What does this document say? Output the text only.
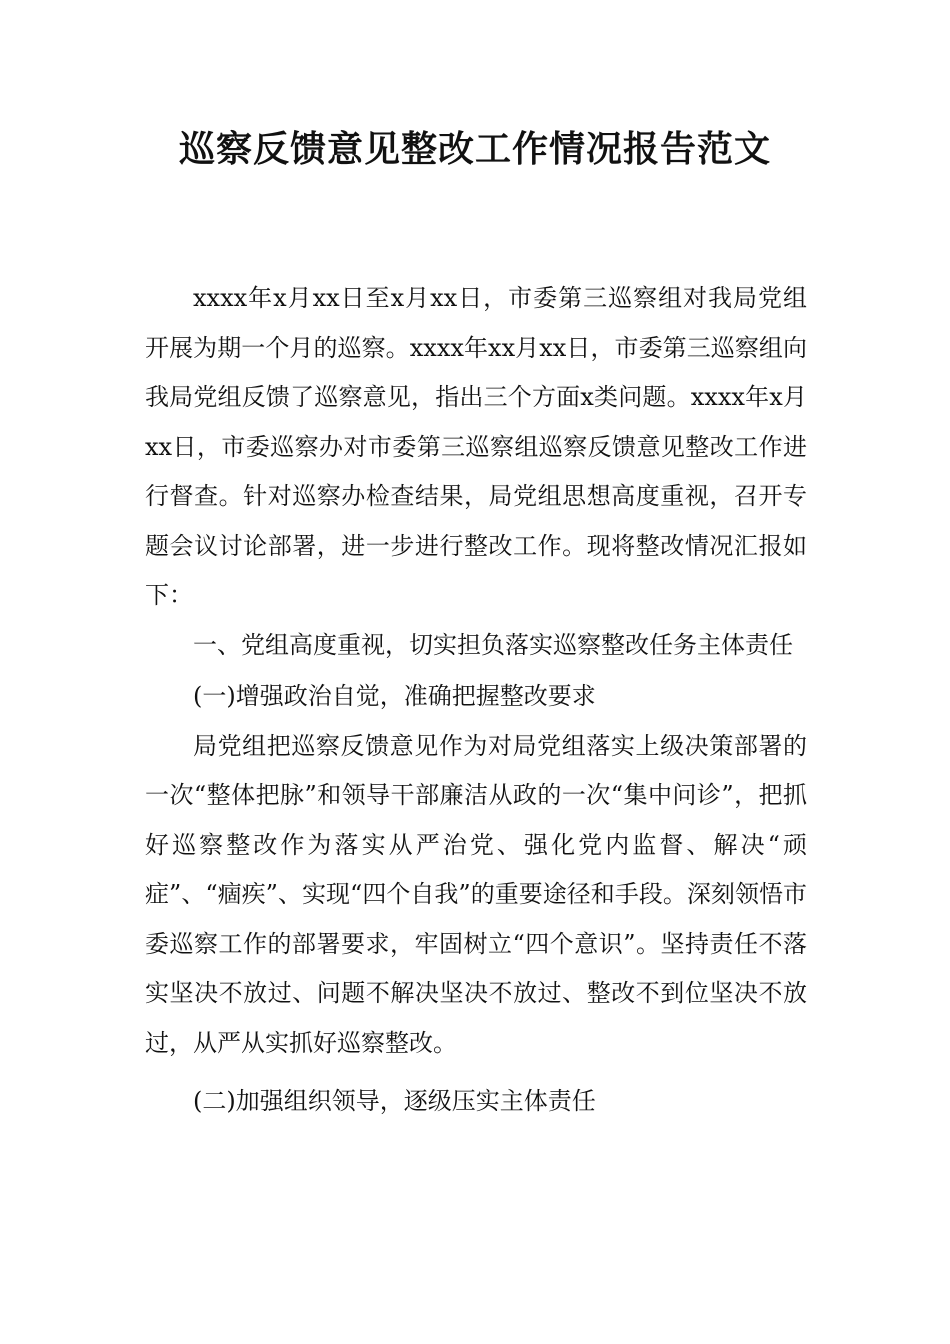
巡察反馈意见整改工作情况报告范文

xxxx年x月xx日至x月xx日，市委第三巡察组对我局党组开展为期一个月的巡察。xxxx年xx月xx日，市委第三巡察组向我局党组反馈了巡察意见，指出三个方面x类问题。xxxx年x月xx日，市委巡察办对市委第三巡察组巡察反馈意见整改工作进行督查。针对巡察办检查结果，局党组思想高度重视，召开专题会议讨论部署，进一步进行整改工作。现将整改情况汇报如下：

一、党组高度重视，切实担负落实巡察整改任务主体责任

(一)增强政治自觉，准确把握整改要求

局党组把巡察反馈意见作为对局党组落实上级决策部署的一次“整体把脉”和领导干部廉洁从政的一次“集中问诊”，把抓好巡察整改作为落实从严治党、强化党内监督、解决“顽症”、“痼疾”、实现“四个自我”的重要途径和手段。深刻领悟市委巡察工作的部署要求，牢固树立“四个意识”。坚持责任不落实坚决不放过、问题不解决坚决不放过、整改不到位坚决不放过，从严从实抓好巡察整改。

(二)加强组织领导，逐级压实主体责任
